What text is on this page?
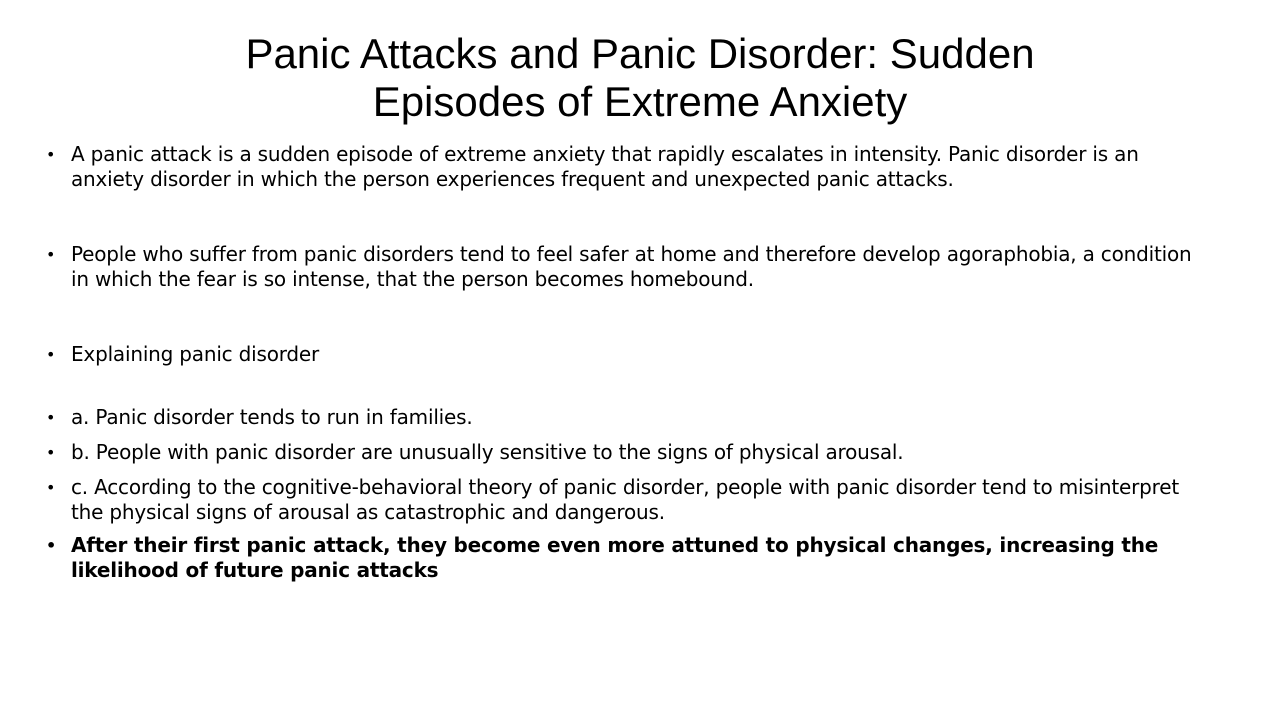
Panic Attacks and Panic Disorder: Sudden
Episodes of Extreme Anxiety
• A panic attack is a sudden episode of extreme anxiety that rapidly escalates in intensity. Panic disorder is an anxiety disorder in which the person experiences frequent and unexpected panic attacks.
• People who suffer from panic disorders tend to feel safer at home and therefore develop agoraphobia, a condition in which the fear is so intense, that the person becomes homebound.
• Explaining panic disorder
• a. Panic disorder tends to run in families.
• b. People with panic disorder are unusually sensitive to the signs of physical arousal.
• c. According to the cognitive-behavioral theory of panic disorder, people with panic disorder tend to misinterpret the physical signs of arousal as catastrophic and dangerous.
• After their first panic attack, they become even more attuned to physical changes, increasing the likelihood of future panic attacks
